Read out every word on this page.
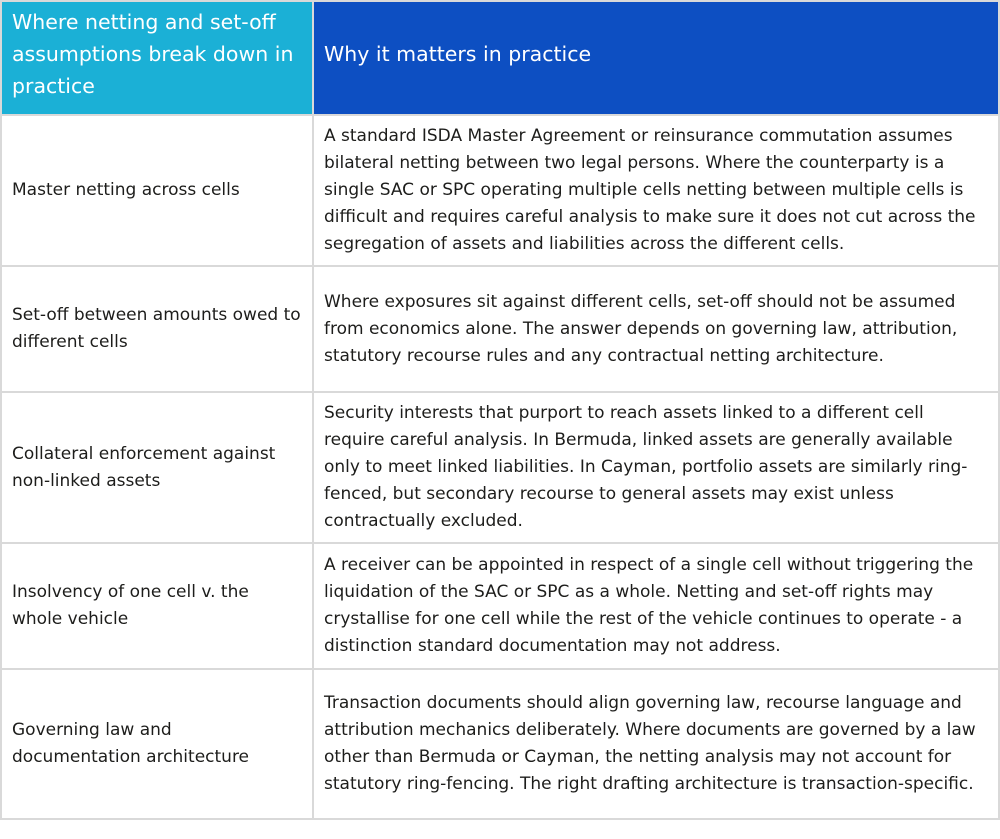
Where netting and set-off assumptions break down in practice	Why it matters in practice
Master netting across cells	A standard ISDA Master Agreement or reinsurance commutation assumes bilateral netting between two legal persons. Where the counterparty is a single SAC or SPC operating multiple cells netting between multiple cells is difficult and requires careful analysis to make sure it does not cut across the segregation of assets and liabilities across the different cells.
Set-off between amounts owed to different cells	Where exposures sit against different cells, set-off should not be assumed from economics alone. The answer depends on governing law, attribution, statutory recourse rules and any contractual netting architecture.
Collateral enforcement against non-linked assets	Security interests that purport to reach assets linked to a different cell require careful analysis. In Bermuda, linked assets are generally available only to meet linked liabilities. In Cayman, portfolio assets are similarly ring-fenced, but secondary recourse to general assets may exist unless contractually excluded.
Insolvency of one cell v. the whole vehicle	A receiver can be appointed in respect of a single cell without triggering the liquidation of the SAC or SPC as a whole. Netting and set-off rights may crystallise for one cell while the rest of the vehicle continues to operate - a distinction standard documentation may not address.
Governing law and documentation architecture	Transaction documents should align governing law, recourse language and attribution mechanics deliberately. Where documents are governed by a law other than Bermuda or Cayman, the netting analysis may not account for statutory ring-fencing. The right drafting architecture is transaction-specific.
